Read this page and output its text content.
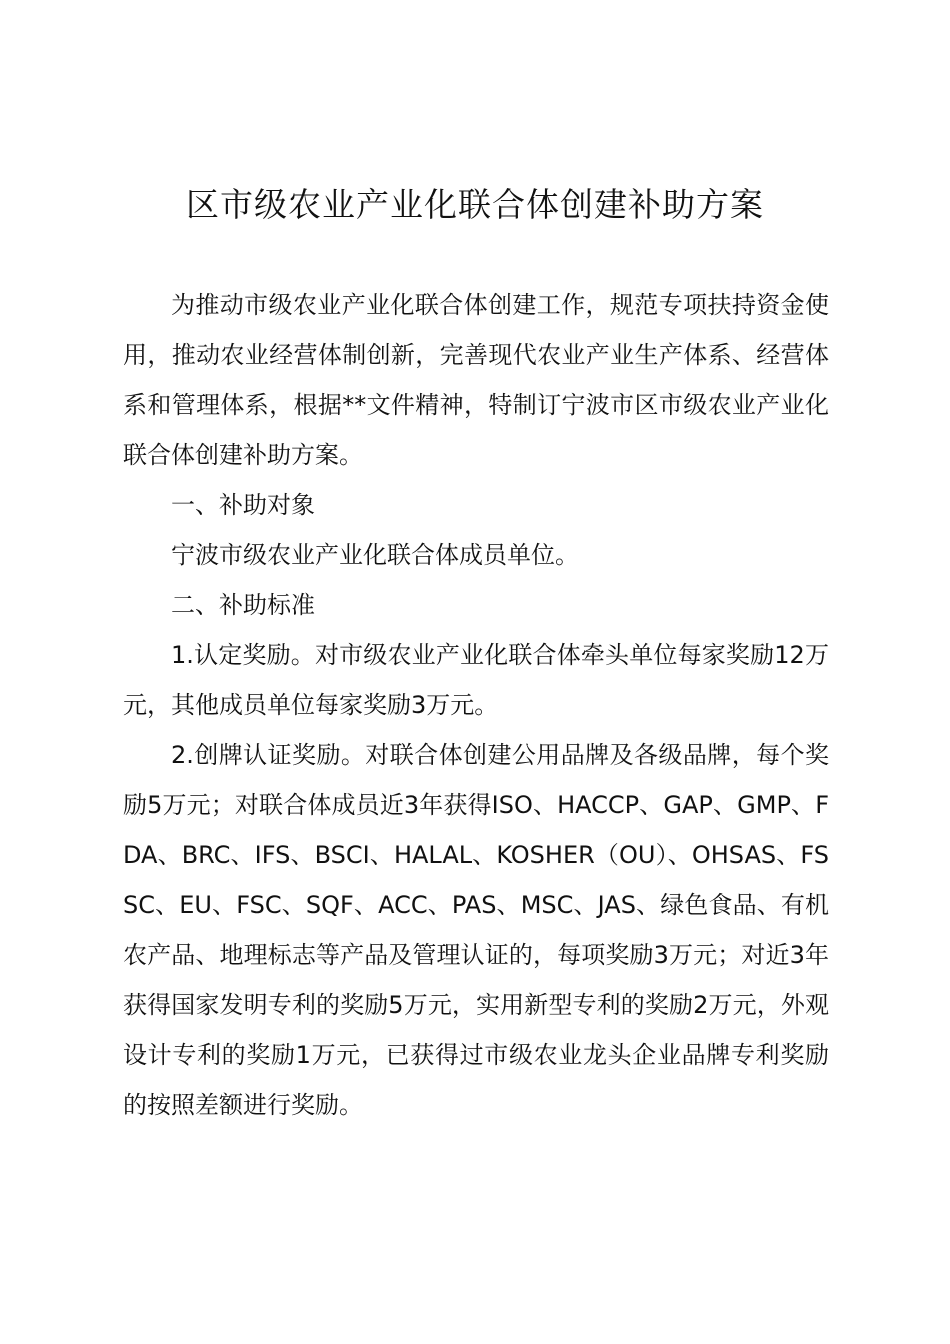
区市级农业产业化联合体创建补助方案

为推动市级农业产业化联合体创建工作，规范专项扶持资金使用，推动农业经营体制创新，完善现代农业产业生产体系、经营体系和管理体系，根据**文件精神，特制订宁波市区市级农业产业化联合体创建补助方案。

一、补助对象

宁波市级农业产业化联合体成员单位。

二、补助标准

1.认定奖励。对市级农业产业化联合体牵头单位每家奖励12万元，其他成员单位每家奖励3万元。

2.创牌认证奖励。对联合体创建公用品牌及各级品牌，每个奖励5万元；对联合体成员近3年获得ISO、HACCP、GAP、GMP、FDA、BRC、IFS、BSCI、HALAL、KOSHER（OU）、OHSAS、FSSC、EU、FSC、SQF、ACC、PAS、MSC、JAS、绿色食品、有机农产品、地理标志等产品及管理认证的，每项奖励3万元；对近3年获得国家发明专利的奖励5万元，实用新型专利的奖励2万元，外观设计专利的奖励1万元，已获得过市级农业龙头企业品牌专利奖励的按照差额进行奖励。
